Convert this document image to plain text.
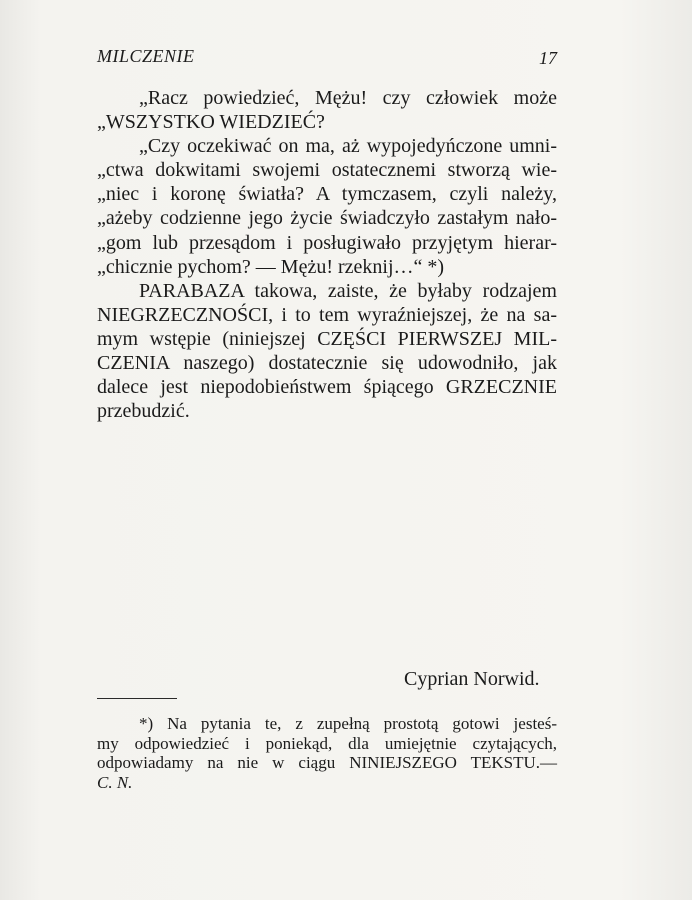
MILCZENIE	17
„Racz powiedzieć, Mężu! czy człowiek może
„WSZYSTKO WIEDZIEĆ?
„Czy oczekiwać on ma, aż wypojedyńczone umni-
„ctwa dokwitami swojemi ostatecznemi stworzą wie-
„niec i koronę światła? A tymczasem, czyli należy,
„ażeby codzienne jego życie świadczyło zastałym nało-
„gom lub przesądom i posługiwało przyjętym hierar-
„chicznie pychom? — Mężu! rzeknij…“ *)
PARABAZA takowa, zaiste, że byłaby rodzajem
NIEGRZECZNOŚCI, i to tem wyraźniejszej, że na sa-
mym wstępie (niniejszej CZĘŚCI PIERWSZEJ MIL-
CZENIA naszego) dostatecznie się udowodniło, jak
dalece jest niepodobieństwem śpiącego GRZECZNIE
przebudzić.
Cyprian Norwid.
*) Na pytania te, z zupełną prostotą gotowi jesteś-
my odpowiedzieć i poniekąd, dla umiejętnie czytających,
odpowiadamy na nie w ciągu NINIEJSZEGO TEKSTU.—
C. N.
